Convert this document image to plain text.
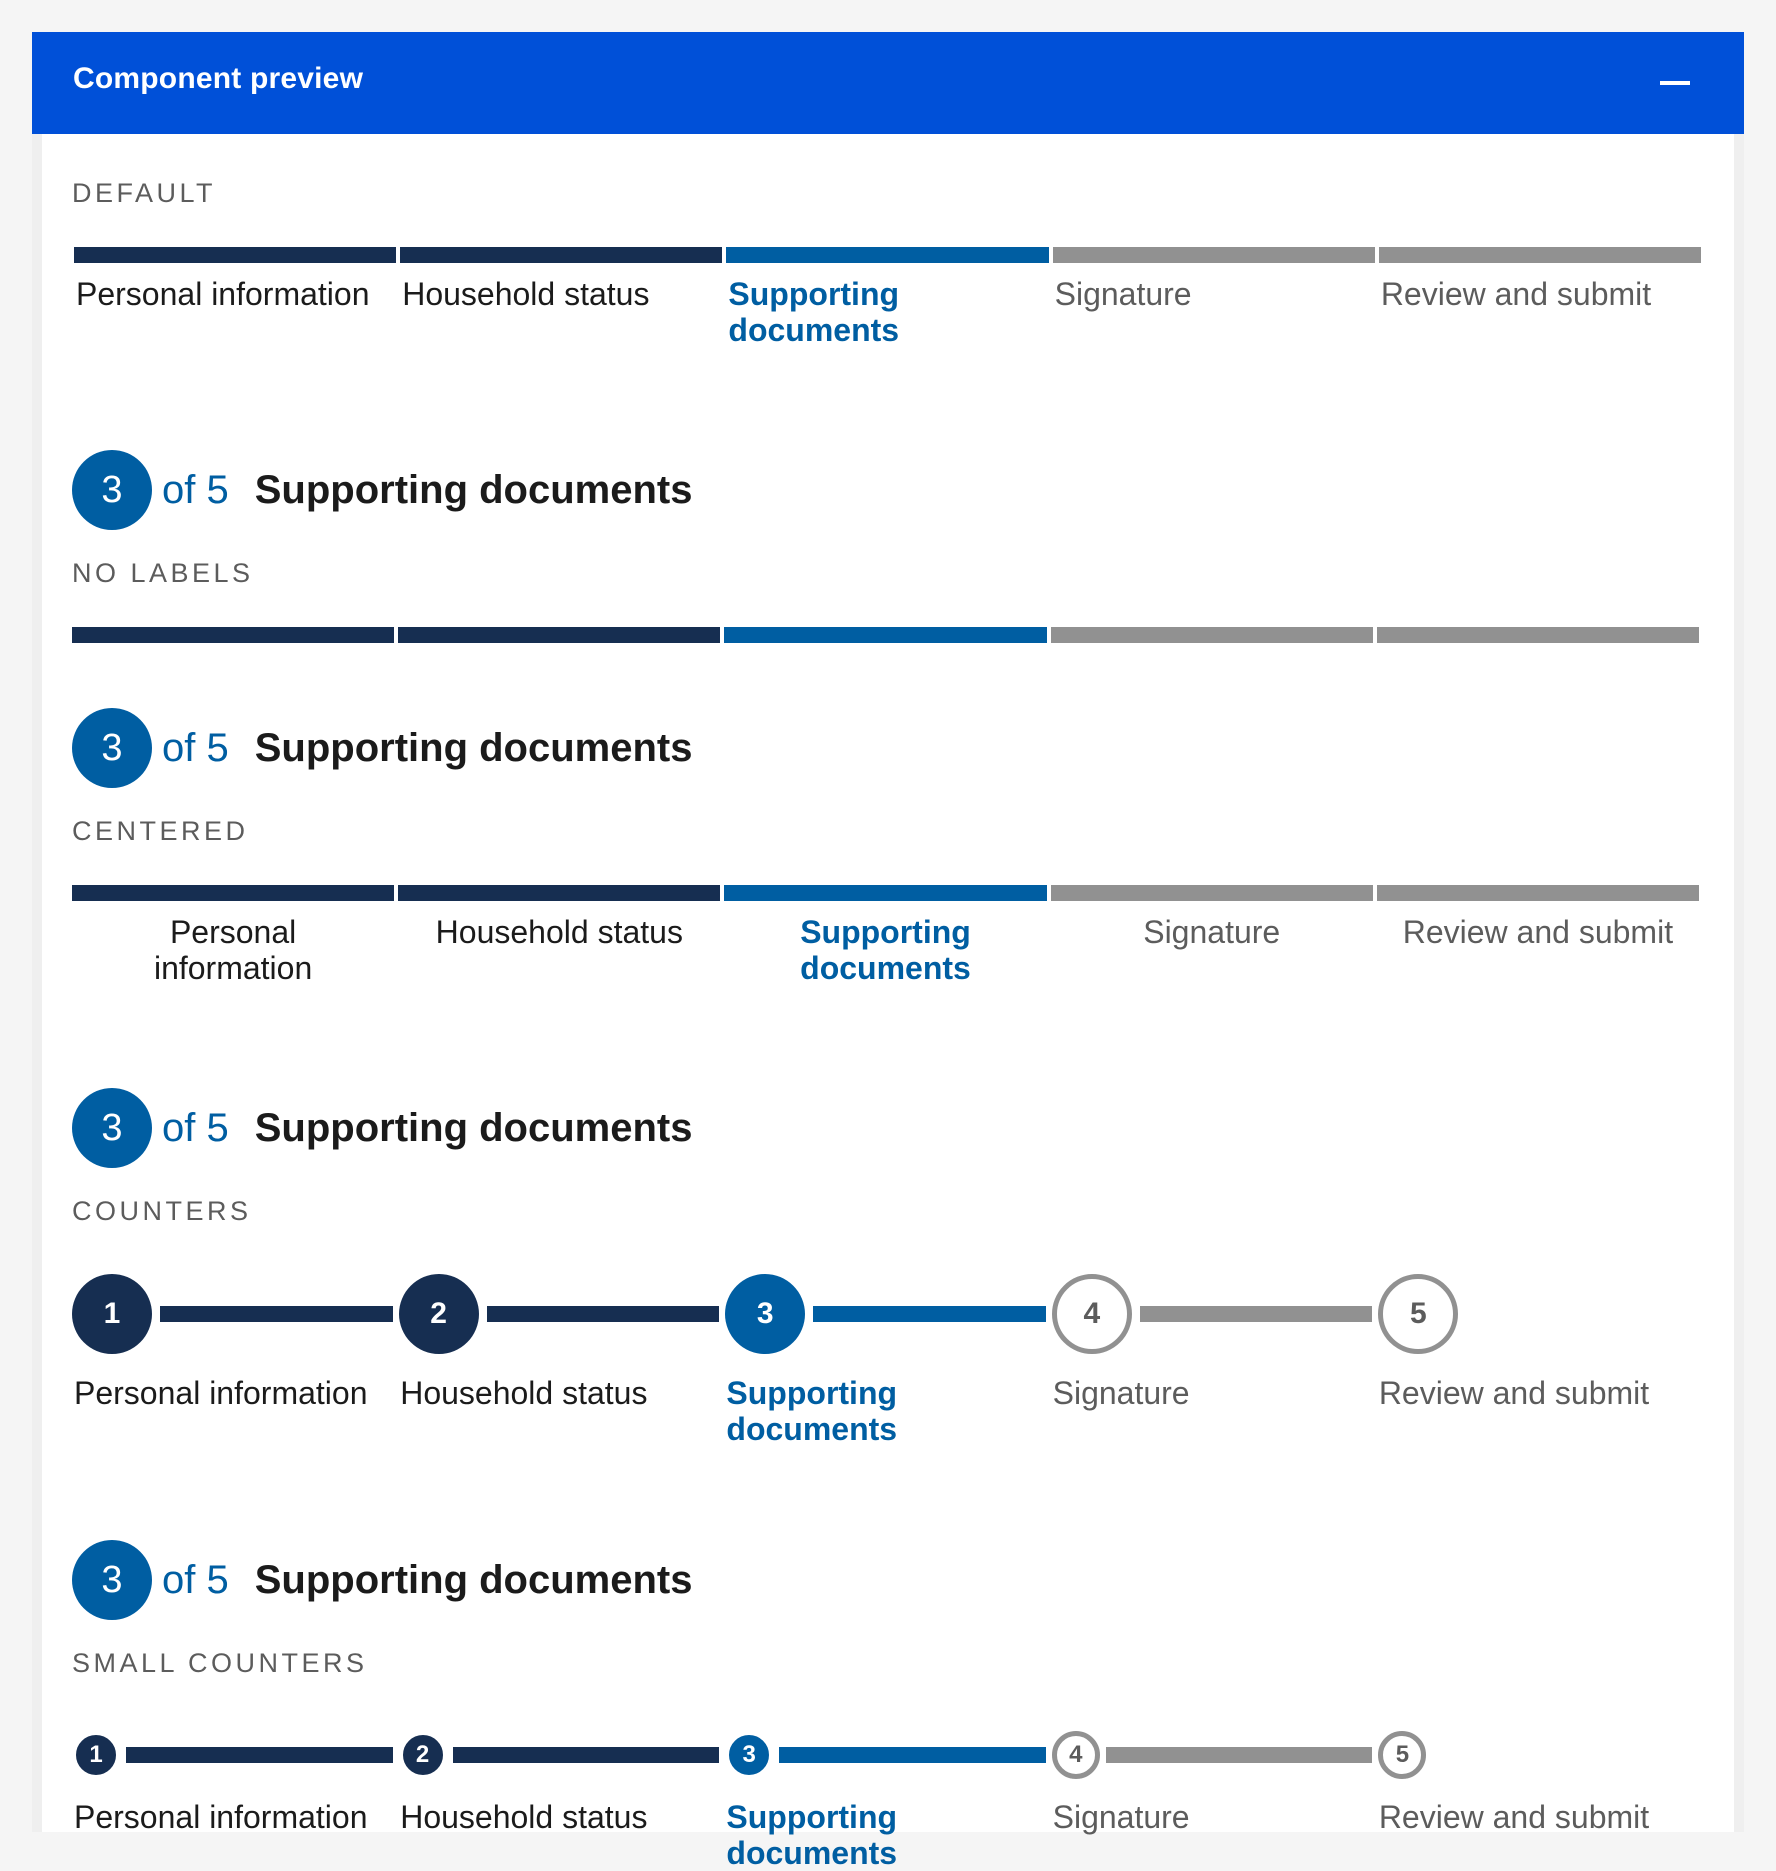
Component preview
DEFAULT
Personal information	Household status	Supporting documents
Signature	Review and submit
3 of 5 Supporting documents
NO LABELS
3 of 5 Supporting documents
CENTERED
Personal information
Household status	Supporting documents
Signature	Review and submit
3 of 5 Supporting documents
COUNTERS
1	2	3	4	5
Personal information	Household status	Supporting documents
Signature	Review and submit
3 of 5 Supporting documents
SMALL COUNTERS
1	2	3	4	5
Personal information	Household status	Supporting documents
Signature	Review and submit
